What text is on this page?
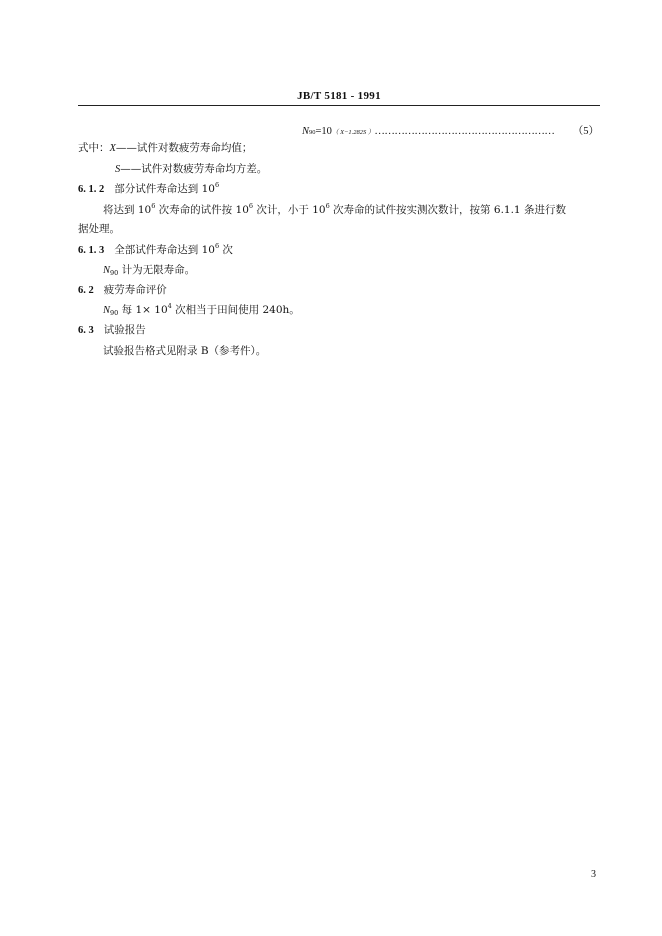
JB/T 5181 - 1991
N 90 =10 （ X−1.282S ） ………………………………………………	（5）
式中：X——试件对数疲劳寿命均值；
S——试件对数疲劳寿命均方差。
6. 1. 2 部分试件寿命达到 $10^6$
将达到 $10^6$ 次寿命的试件按 $10^6$ 次计，小于 $10^6$ 次寿命的试件按实测次数计，按第 6.1.1 条进行数
据处理。
6. 1. 3 全部试件寿命达到 $10^6$ 次
$N_{90}$ 计为无限寿命。
6. 2 疲劳寿命评价
$N_{90}$ 每 $1\times 10^4$ 次相当于田间使用 240h。
6. 3 试验报告
试验报告格式见附录 B（参考件）。
3
